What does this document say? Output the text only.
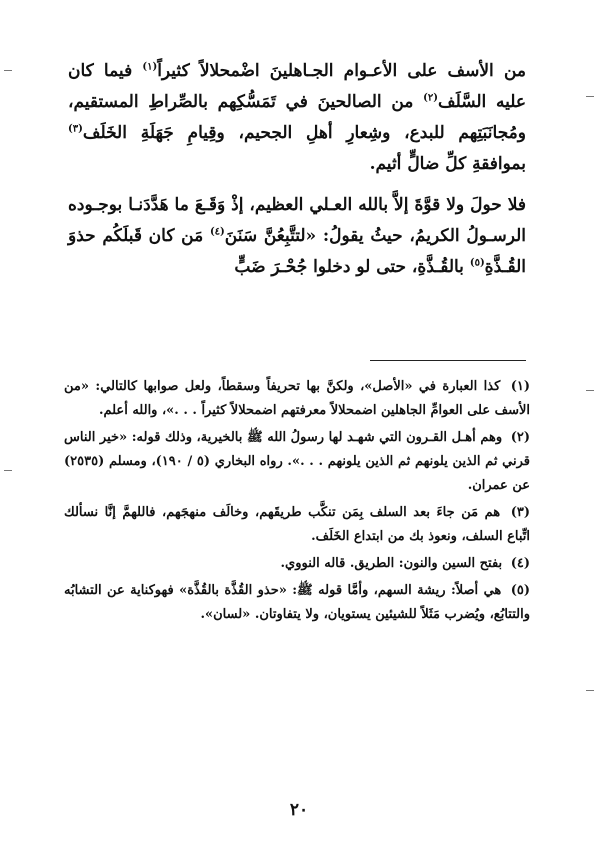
من الأسف على الأعـوام الجـاهلينَ اضْمحلالاً كثيراً$^{(١)}$ فيما كان عليه السَّلَف$^{(٢)}$ من الصالحينَ في تَمَسُّكِهم بالصِّراطِ المستقيم، ومُجانَبَتِهم للبدع، وشِعارِ أهلِ الجحيم، وقِيامِ جَهَلَةِ الخَلَف$^{(٣)}$ بموافقةِ كلِّ ضالٍّ أثيم.

فلا حولَ ولا قوَّةَ إلاَّ بالله العـلي العظيم، إذْ وَقَـعَ ما هَدَّدَنـا بوجـوده الرسـولُ الكريمُ، حيثُ يقولُ: «لتتَّبِعُنَّ سَنَنَ$^{(٤)}$ مَن كان قَبلَكُم حذوَ القُـذَّةِ$^{(٥)}$ بالقُـذَّةِ، حتى لو دخلوا جُحْـرَ ضَبٍّ

(١) كذا العبارة في «الأصل»، ولكنَّ بها تحريفاً وسقطاً، ولعل صوابها كالتالي: «من الأسف على العوامِّ الجاهلين اضمحلالاً معرفتهم اضمحلالاً كثيراً . . .»، والله أعلم.

(٢) وهم أهـل القـرون التي شهـد لها رسولُ الله ﷺ بالخيرية، وذلك قوله: «خير الناس قرني ثم الذين يلونهم ثم الذين يلونهم . . .». رواه البخاري (٥ / ١٩٠)، ومسلم (٢٥٣٥) عن عمران.

(٣) هم مَن جاءَ بعد السلف بِمَن تنكَّب طريقَهم، وخالَف منهجَهم، فاللهمَّ إنَّا نسألك اتِّباع السلف، ونعوذ بك من ابتداع الخَلَف.

(٤) بفتح السين والنون: الطريق. قاله النووي.

(٥) هي أصلاً: ريشة السهم، وأمَّا قوله ﷺ: «حذو القُذَّة بالقُذَّة» فهوكناية عن التشابُه والتتابُع، ويُضرب مَثَلاً للشيئين يستويان، ولا يتفاوتان. «لسان».

٢٠
